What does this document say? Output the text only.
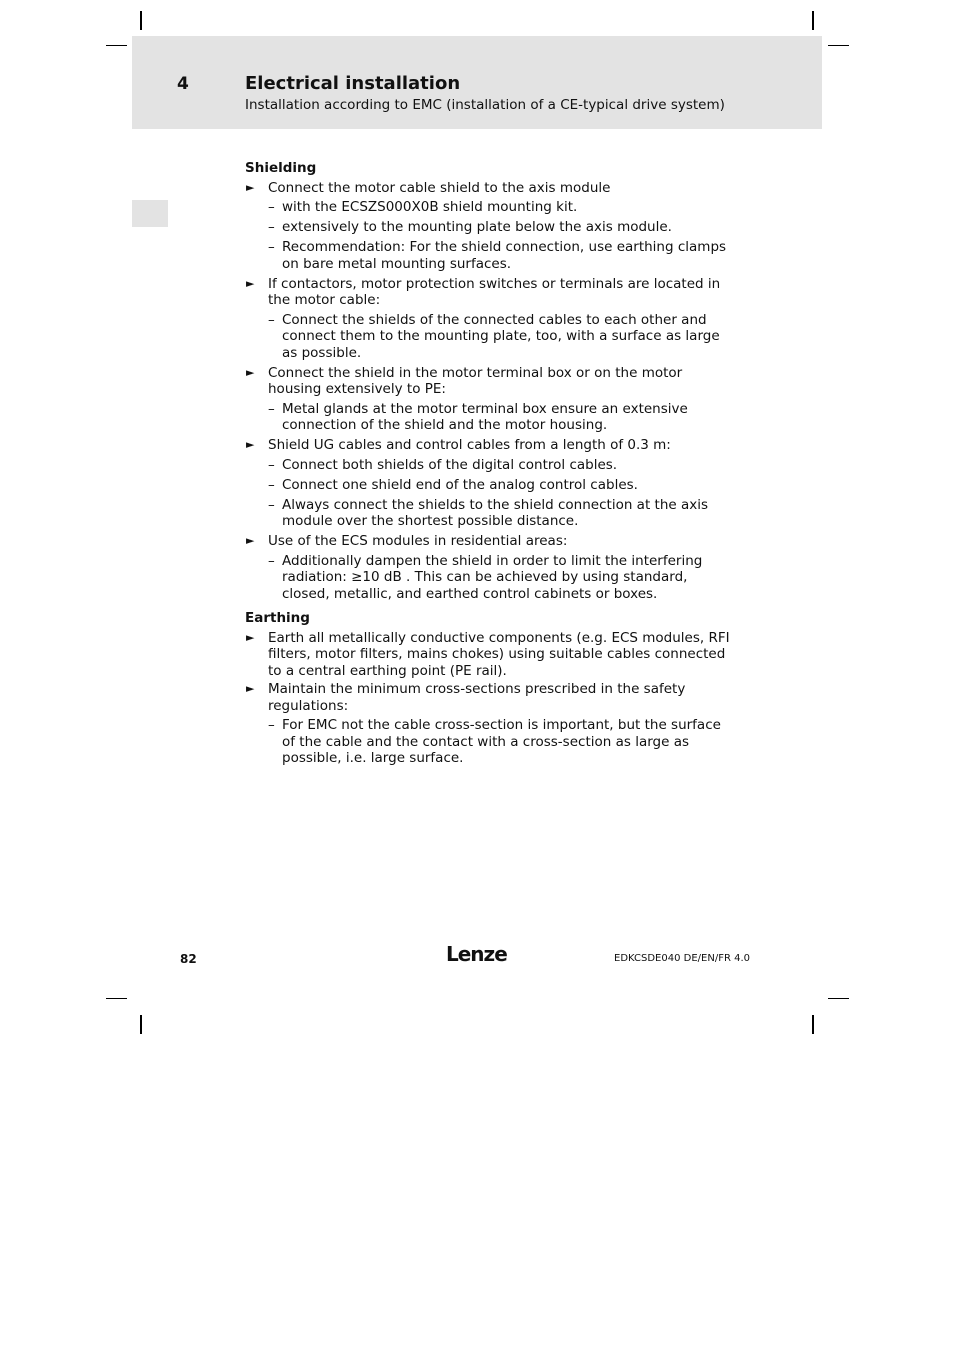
4	Electrical installation
Installation according to EMC (installation of a CE-typical drive system)
Shielding
► Connect the motor cable shield to the axis module
– with the ECSZS000X0B shield mounting kit.
– extensively to the mounting plate below the axis module.
– Recommendation: For the shield connection, use earthing clamps on bare metal mounting surfaces.
► If contactors, motor protection switches or terminals are located in the motor cable:
– Connect the shields of the connected cables to each other and connect them to the mounting plate, too, with a surface as large as possible.
► Connect the shield in the motor terminal box or on the motor housing extensively to PE:
– Metal glands at the motor terminal box ensure an extensive connection of the shield and the motor housing.
► Shield UG cables and control cables from a length of 0.3 m:
– Connect both shields of the digital control cables.
– Connect one shield end of the analog control cables.
– Always connect the shields to the shield connection at the axis module over the shortest possible distance.
► Use of the ECS modules in residential areas:
– Additionally dampen the shield in order to limit the interfering radiation: ≥10 dB . This can be achieved by using standard, closed, metallic, and earthed control cabinets or boxes.
Earthing
► Earth all metallically conductive components (e.g. ECS modules, RFI filters, motor filters, mains chokes) using suitable cables connected to a central earthing point (PE rail).
► Maintain the minimum cross-sections prescribed in the safety regulations:
– For EMC not the cable cross-section is important, but the surface of the cable and the contact with a cross-section as large as possible, i.e. large surface.
82	Lenze	EDKCSDE040 DE/EN/FR 4.0
